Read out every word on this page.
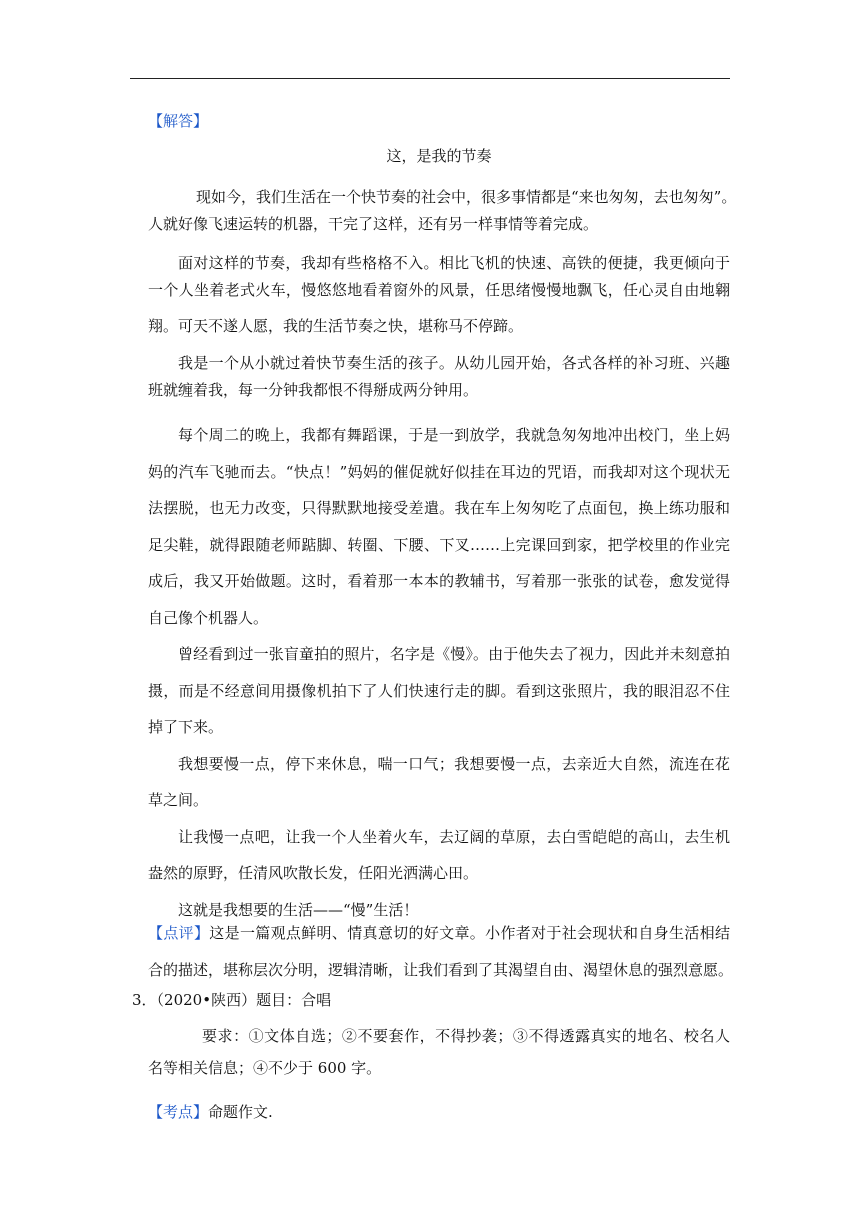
【解答】
这，是我的节奏
现如今，我们生活在一个快节奏的社会中，很多事情都是“来也匆匆，去也匆匆”。
人就好像飞速运转的机器，干完了这样，还有另一样事情等着完成。
面对这样的节奏，我却有些格格不入。相比飞机的快速、高铁的便捷，我更倾向于
一个人坐着老式火车，慢悠悠地看着窗外的风景，任思绪慢慢地飘飞，任心灵自由地翱
翔。可天不遂人愿，我的生活节奏之快，堪称马不停蹄。
我是一个从小就过着快节奏生活的孩子。从幼儿园开始，各式各样的补习班、兴趣
班就缠着我，每一分钟我都恨不得掰成两分钟用。
每个周二的晚上，我都有舞蹈课，于是一到放学，我就急匆匆地冲出校门，坐上妈
妈的汽车飞驰而去。“快点！”妈妈的催促就好似挂在耳边的咒语，而我却对这个现状无
法摆脱，也无力改变，只得默默地接受差遣。我在车上匆匆吃了点面包，换上练功服和
足尖鞋，就得跟随老师踮脚、转圈、下腰、下叉……上完课回到家，把学校里的作业完
成后，我又开始做题。这时，看着那一本本的教辅书，写着那一张张的试卷，愈发觉得
自己像个机器人。
曾经看到过一张盲童拍的照片，名字是《慢》。由于他失去了视力，因此并未刻意拍
摄，而是不经意间用摄像机拍下了人们快速行走的脚。看到这张照片，我的眼泪忍不住
掉了下来。
我想要慢一点，停下来休息，喘一口气；我想要慢一点，去亲近大自然，流连在花
草之间。
让我慢一点吧，让我一个人坐着火车，去辽阔的草原，去白雪皑皑的高山，去生机
盎然的原野，任清风吹散长发，任阳光洒满心田。
这就是我想要的生活——“慢”生活！
【点评】这是一篇观点鲜明、情真意切的好文章。小作者对于社会现状和自身生活相结
合的描述，堪称层次分明，逻辑清晰，让我们看到了其渴望自由、渴望休息的强烈意愿。
3．（2020•陕西）题目：合唱
要求：①文体自选；②不要套作，不得抄袭；③不得透露真实的地名、校名人
名等相关信息；④不少于 600 字。
【考点】命题作文.
